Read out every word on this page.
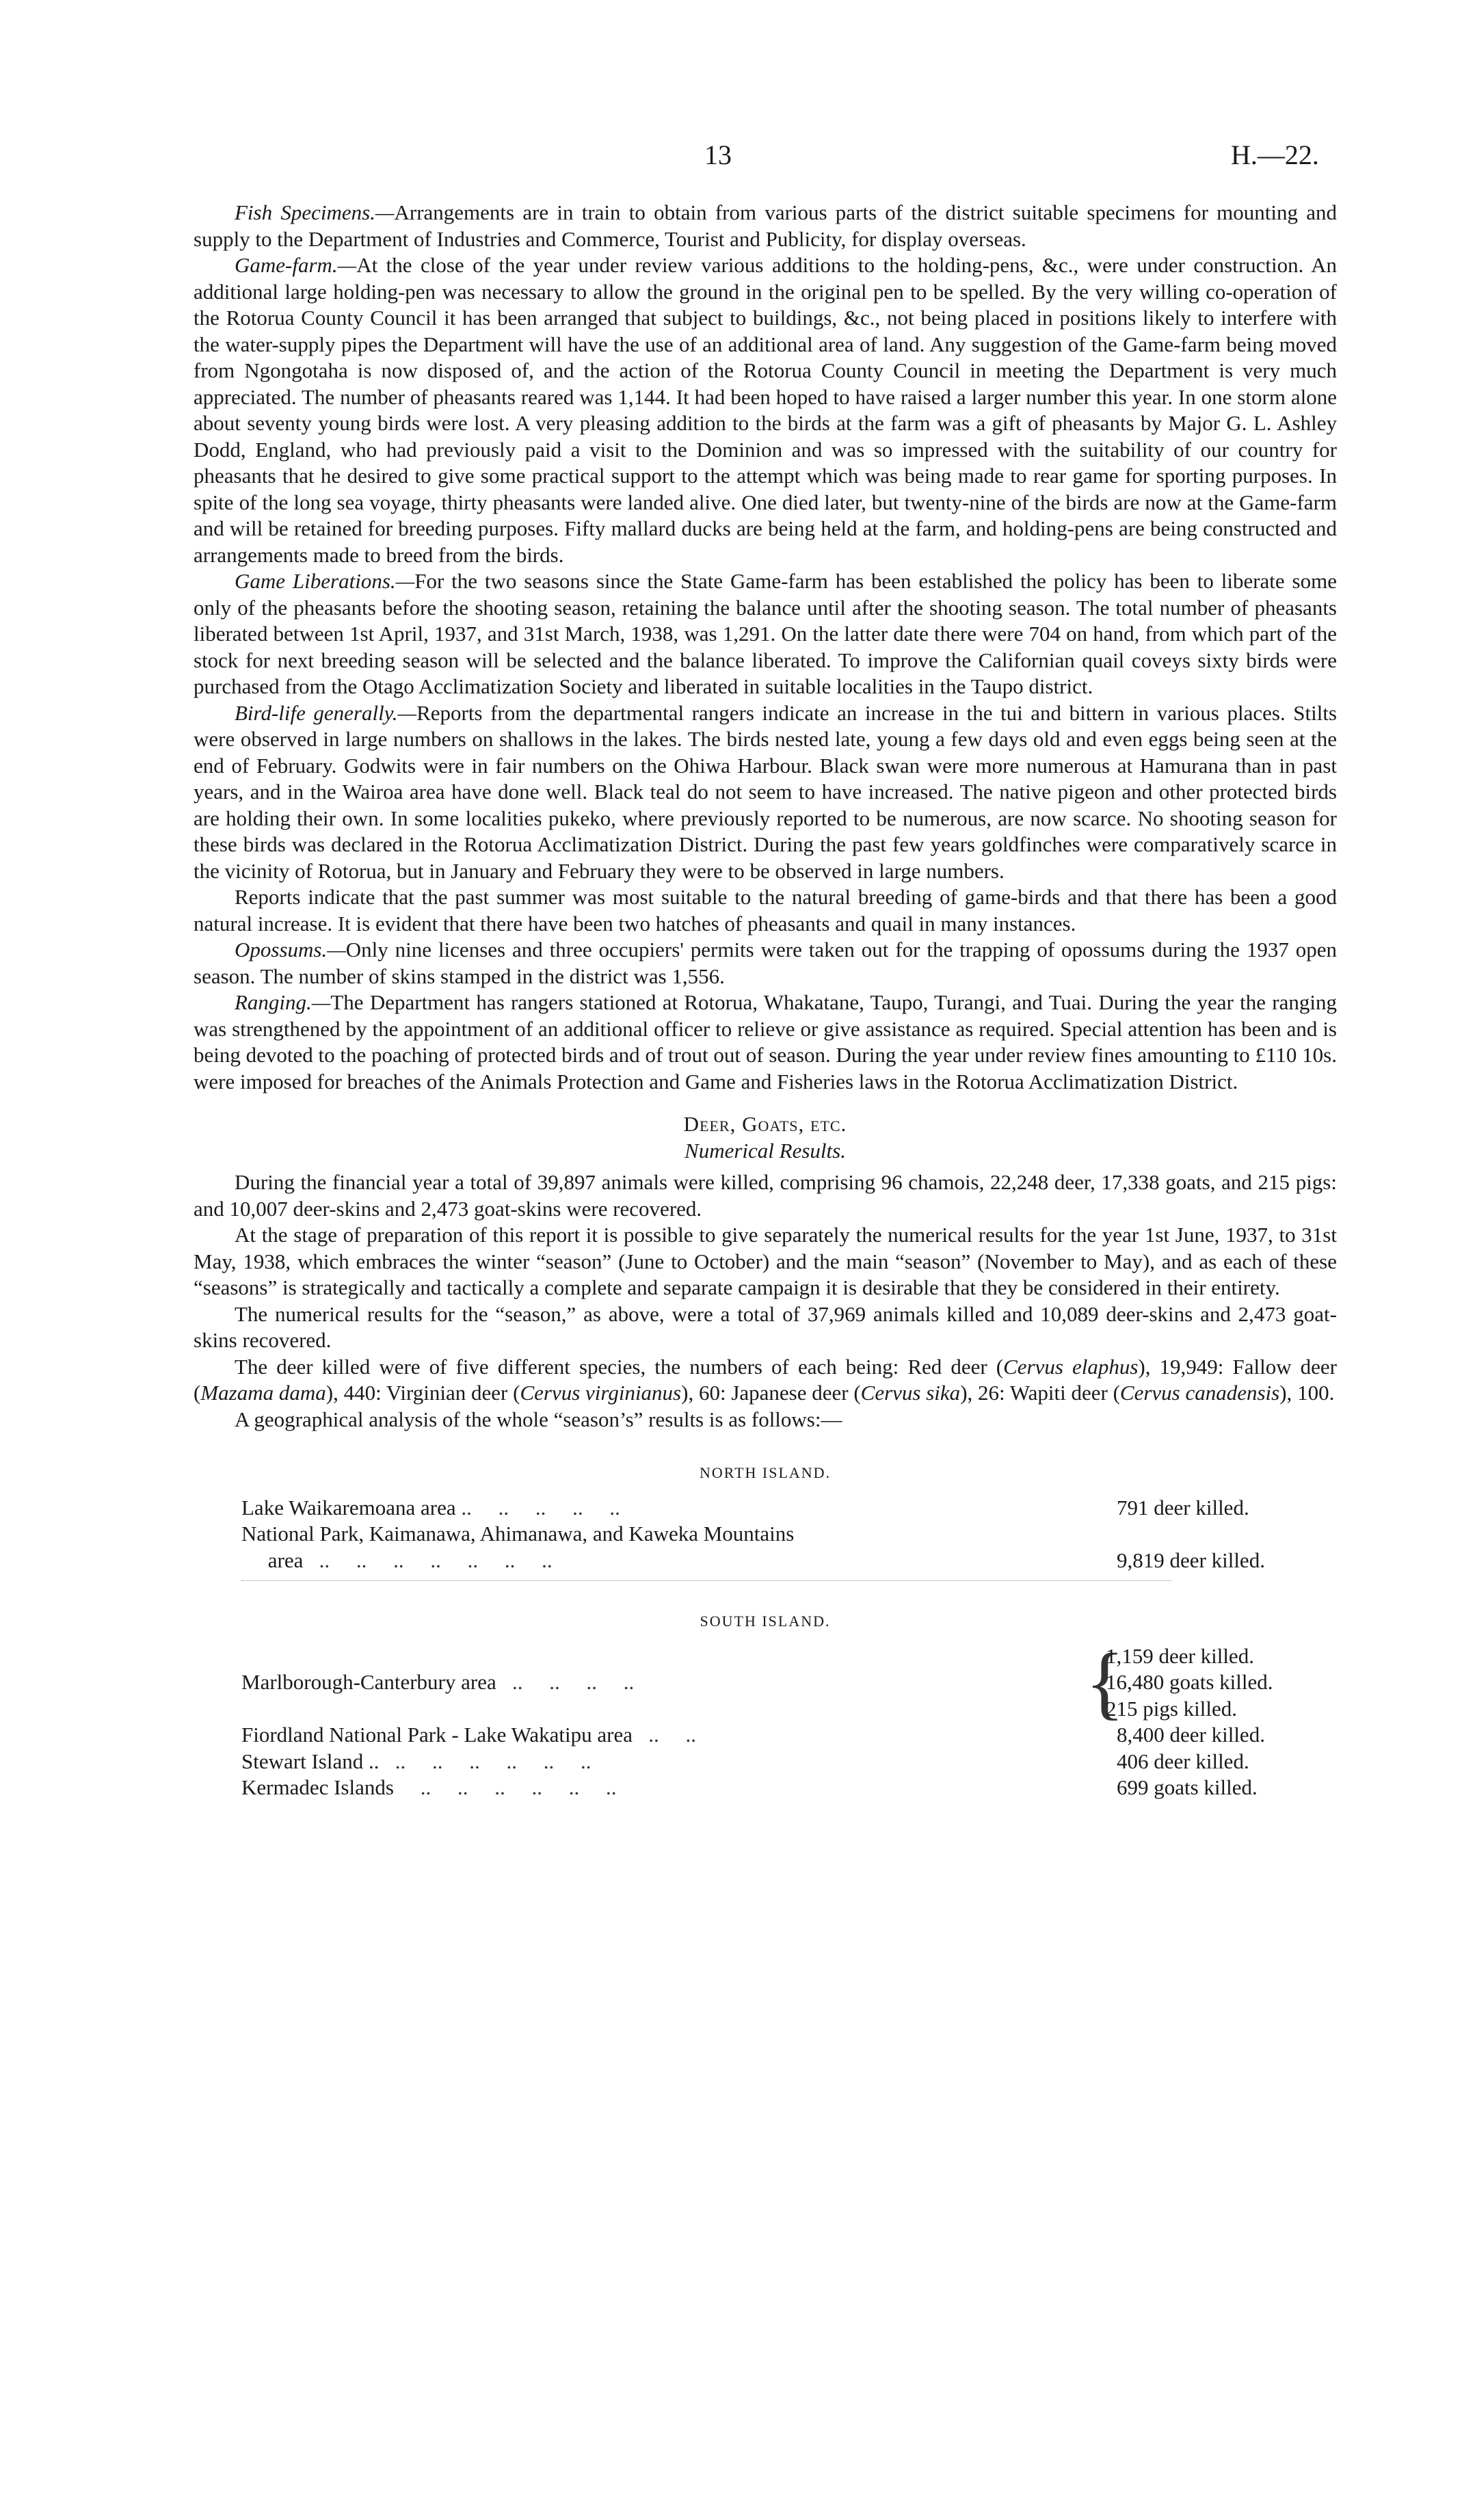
13	H.—22.

Fish Specimens.—Arrangements are in train to obtain from various parts of the district suitable specimens for mounting and supply to the Department of Industries and Commerce, Tourist and Publicity, for display overseas.

Game-farm.—At the close of the year under review various additions to the holding-pens, &c., were under construction. An additional large holding-pen was necessary to allow the ground in the original pen to be spelled. By the very willing co-operation of the Rotorua County Council it has been arranged that subject to buildings, &c., not being placed in positions likely to interfere with the water-supply pipes the Department will have the use of an additional area of land. Any suggestion of the Game-farm being moved from Ngongotaha is now disposed of, and the action of the Rotorua County Council in meeting the Department is very much appreciated. The number of pheasants reared was 1,144. It had been hoped to have raised a larger number this year. In one storm alone about seventy young birds were lost. A very pleasing addition to the birds at the farm was a gift of pheasants by Major G. L. Ashley Dodd, England, who had previously paid a visit to the Dominion and was so impressed with the suitability of our country for pheasants that he desired to give some practical support to the attempt which was being made to rear game for sporting purposes. In spite of the long sea voyage, thirty pheasants were landed alive. One died later, but twenty-nine of the birds are now at the Game-farm and will be retained for breeding purposes. Fifty mallard ducks are being held at the farm, and holding-pens are being constructed and arrangements made to breed from the birds.

Game Liberations.—For the two seasons since the State Game-farm has been established the policy has been to liberate some only of the pheasants before the shooting season, retaining the balance until after the shooting season. The total number of pheasants liberated between 1st April, 1937, and 31st March, 1938, was 1,291. On the latter date there were 704 on hand, from which part of the stock for next breeding season will be selected and the balance liberated. To improve the Californian quail coveys sixty birds were purchased from the Otago Acclimatization Society and liberated in suitable localities in the Taupo district.

Bird-life generally.—Reports from the departmental rangers indicate an increase in the tui and bittern in various places. Stilts were observed in large numbers on shallows in the lakes. The birds nested late, young a few days old and even eggs being seen at the end of February. Godwits were in fair numbers on the Ohiwa Harbour. Black swan were more numerous at Hamurana than in past years, and in the Wairoa area have done well. Black teal do not seem to have increased. The native pigeon and other protected birds are holding their own. In some localities pukeko, where previously reported to be numerous, are now scarce. No shooting season for these birds was declared in the Rotorua Acclimatization District. During the past few years goldfinches were comparatively scarce in the vicinity of Rotorua, but in January and February they were to be observed in large numbers.

Reports indicate that the past summer was most suitable to the natural breeding of game-birds and that there has been a good natural increase. It is evident that there have been two hatches of pheasants and quail in many instances.

Opossums.—Only nine licenses and three occupiers' permits were taken out for the trapping of opossums during the 1937 open season. The number of skins stamped in the district was 1,556.

Ranging.—The Department has rangers stationed at Rotorua, Whakatane, Taupo, Turangi, and Tuai. During the year the ranging was strengthened by the appointment of an additional officer to relieve or give assistance as required. Special attention has been and is being devoted to the poaching of protected birds and of trout out of season. During the year under review fines amounting to £110 10s. were imposed for breaches of the Animals Protection and Game and Fisheries laws in the Rotorua Acclimatization District.

Deer, Goats, etc.

Numerical Results.

During the financial year a total of 39,897 animals were killed, comprising 96 chamois, 22,248 deer, 17,338 goats, and 215 pigs: and 10,007 deer-skins and 2,473 goat-skins were recovered.

At the stage of preparation of this report it is possible to give separately the numerical results for the year 1st June, 1937, to 31st May, 1938, which embraces the winter “season” (June to October) and the main “season” (November to May), and as each of these “seasons” is strategically and tactically a complete and separate campaign it is desirable that they be considered in their entirety.

The numerical results for the “season,” as above, were a total of 37,969 animals killed and 10,089 deer-skins and 2,473 goat-skins recovered.

The deer killed were of five different species, the numbers of each being: Red deer (Cervus elaphus), 19,949: Fallow deer (Mazama dama), 440: Virginian deer (Cervus virginianus), 60: Japanese deer (Cervus sika), 26: Wapiti deer (Cervus canadensis), 100.

A geographical analysis of the whole “season’s” results is as follows:—

NORTH ISLAND.
Lake Waikaremoana area ..     ..     ..     ..     ..	791 deer killed.
National Park, Kaimanawa, Ahimanawa, and Kaweka Mountains
area   ..     ..     ..     ..     ..     ..     ..	9,819 deer killed.
SOUTH ISLAND.
Marlborough-Canterbury area   ..     ..     ..     ..	{
1,159 deer killed.
16,480 goats killed.
215 pigs killed.
Fiordland National Park - Lake Wakatipu area   ..     ..	8,400 deer killed.
Stewart Island ..   ..     ..     ..     ..     ..     ..	406 deer killed.
Kermadec Islands     ..     ..     ..     ..     ..     ..	699 goats killed.
